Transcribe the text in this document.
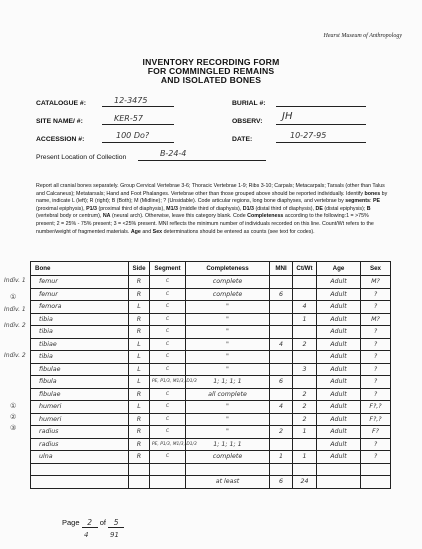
Hearst Museum of Anthropology
INVENTORY RECORDING FORM
FOR COMMINGLED REMAINS
AND ISOLATED BONES
CATALOGUE #:	12-3475
SITE NAME/ #:	KER-57
ACCESSION #:	100 Do?
BURIAL #:
OBSERV: JH
DATE:	10-27-95
Present Location of Collection	B-24-4
Report all cranial bones separately. Group Cervical Vertebrae 3-6; Thoracic Vertebrae 1-9; Ribs 3-10; Carpals; Metacarpals; Tarsals (other than Talus and Calcaneus); Metatarsals; Hand and Foot Phalanges. Vertebrae other than those grouped above should be reported individually. Identify bones by name, indicate L (left); R (right); B (Both); M (Midline); ? (Unsidable). Code articular regions, long bone diaphyses, and vertebrae by segments: PE (proximal epiphysis), P1/3 (proximal third of diaphysis), M1/3 (middle third of diaphysis), D1/3 (distal third of diaphysis), DE (distal epiphysis); B (vertebral body or centrum), NA (neural arch). Otherwise, leave this category blank. Code Completeness according to the following:1 = >75% present; 2 = 25% - 75% present; 3 = <25% present. MNI reflects the minimum number of individuals recorded on this line. Count/Wt refers to the number/weight of fragmented materials. Age and Sex determinations should be entered as counts (see text for codes).
Indiv. 1
Indiv. 1
Indiv. 2
Indiv. 2
①
①
②
③
Bone	Side	Segment	Completeness	MNI	Ct/Wt	Age	Sex
femur	R	C	complete			Adult	M?
femur	R	C	complete	6		Adult	?
femora	L	C	"		4	Adult	?
tibia	R	C	"		1	Adult	M?
tibia	R	C	"			Adult	?
tibiae	L	C	"	4	2	Adult	?
tibia	L	C	"			Adult	?
fibulae	L	C	"		3	Adult	?
fibula	L	PE, P1/3, M1/3, D1/3	1; 1; 1; 1	6		Adult	?
fibulae	R	C	all complete		2	Adult	?
humeri	L	C	"	4	2	Adult	F?,?
humeri	R	C	"		2	Adult	F?,?
radius	R	C	"	2	1	Adult	F?
radius	R	PE, P1/3, M1/3, D1/3	1; 1; 1; 1			Adult	?
ulna	R	C	complete	1	1	Adult	?

			at least	6	24		
Page 2 of 5
4	91
